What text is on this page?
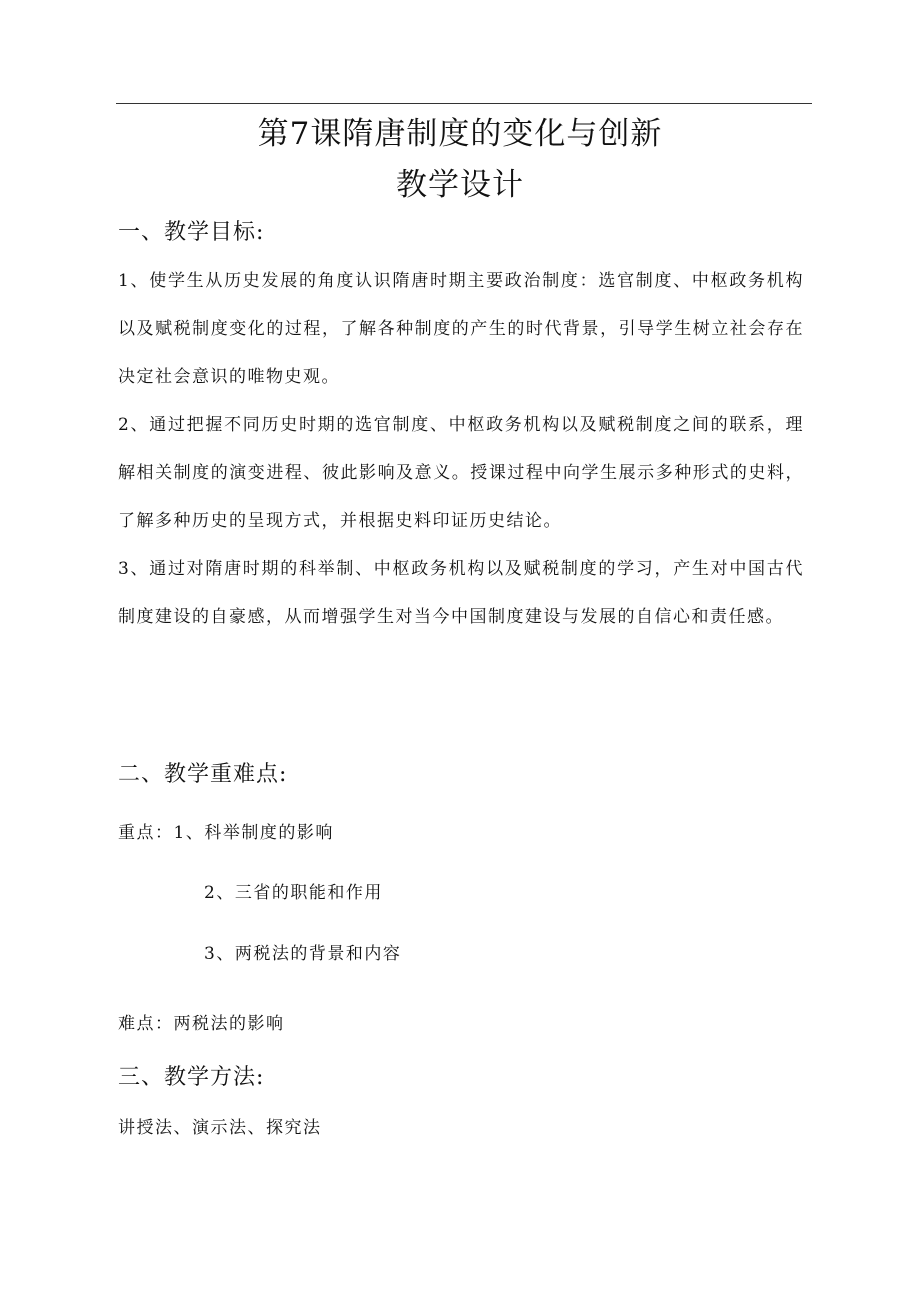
第7课隋唐制度的变化与创新
教学设计
一、教学目标:

1、使学生从历史发展的角度认识隋唐时期主要政治制度：选官制度、中枢政务机构以及赋税制度变化的过程，了解各种制度的产生的时代背景，引导学生树立社会存在决定社会意识的唯物史观。

2、通过把握不同历史时期的选官制度、中枢政务机构以及赋税制度之间的联系，理解相关制度的演变进程、彼此影响及意义。授课过程中向学生展示多种形式的史料，了解多种历史的呈现方式，并根据史料印证历史结论。

3、通过对隋唐时期的科举制、中枢政务机构以及赋税制度的学习，产生对中国古代制度建设的自豪感，从而增强学生对当今中国制度建设与发展的自信心和责任感。

二、教学重难点:
重点：1、科举制度的影响
2、三省的职能和作用
3、两税法的背景和内容
难点：两税法的影响
三、教学方法:
讲授法、演示法、探究法
